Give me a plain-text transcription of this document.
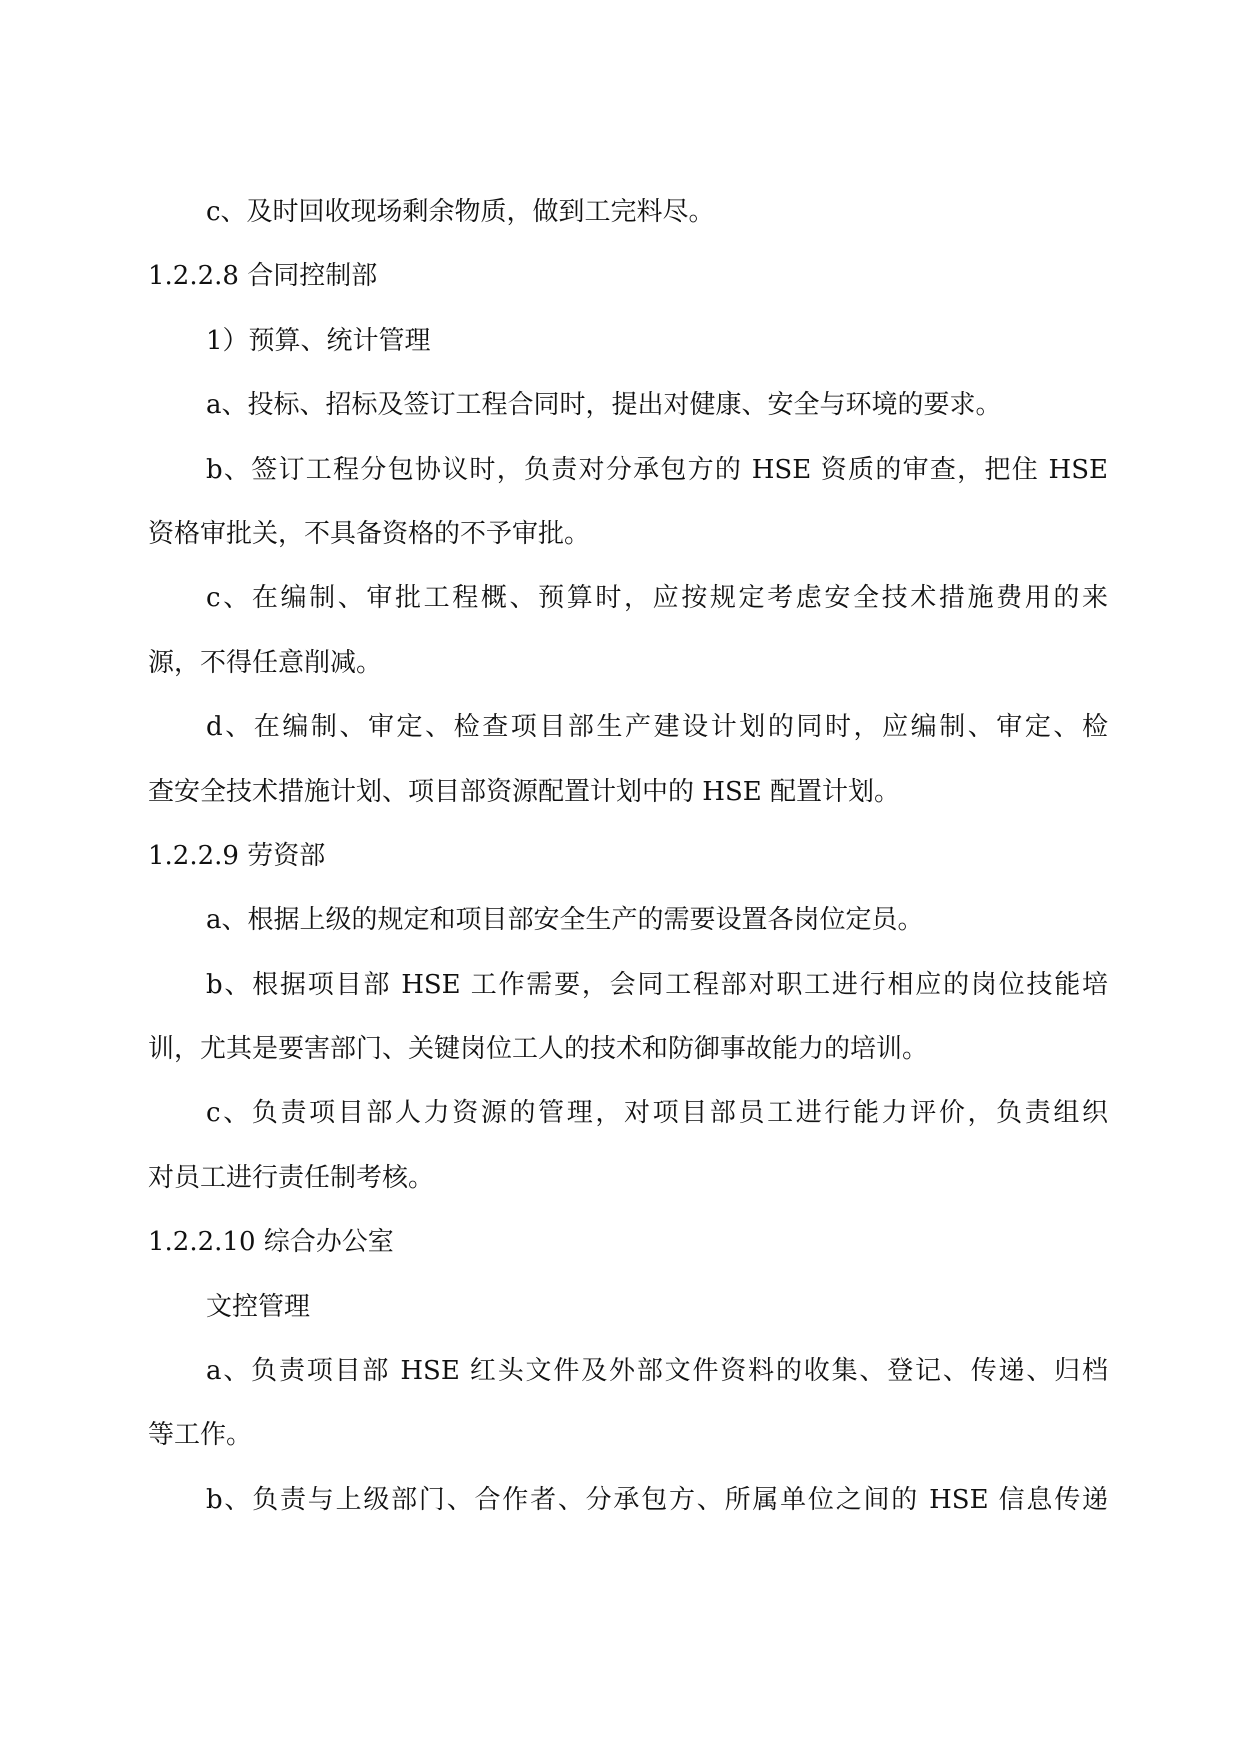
c、及时回收现场剩余物质，做到工完料尽。
1.2.2.8 合同控制部
1）预算、统计管理
a、投标、招标及签订工程合同时，提出对健康、安全与环境的要求。
b、签订工程分包协议时，负责对分承包方的 HSE 资质的审查，把住 HSE
资格审批关，不具备资格的不予审批。
c、在编制、审批工程概、预算时，应按规定考虑安全技术措施费用的来
源，不得任意削减。
d、在编制、审定、检查项目部生产建设计划的同时，应编制、审定、检
查安全技术措施计划、项目部资源配置计划中的 HSE 配置计划。
1.2.2.9 劳资部
a、根据上级的规定和项目部安全生产的需要设置各岗位定员。
b、根据项目部 HSE 工作需要，会同工程部对职工进行相应的岗位技能培
训，尤其是要害部门、关键岗位工人的技术和防御事故能力的培训。
c、负责项目部人力资源的管理，对项目部员工进行能力评价，负责组织
对员工进行责任制考核。
1.2.2.10 综合办公室
文控管理
a、负责项目部 HSE 红头文件及外部文件资料的收集、登记、传递、归档
等工作。
b、负责与上级部门、合作者、分承包方、所属单位之间的 HSE 信息传递
